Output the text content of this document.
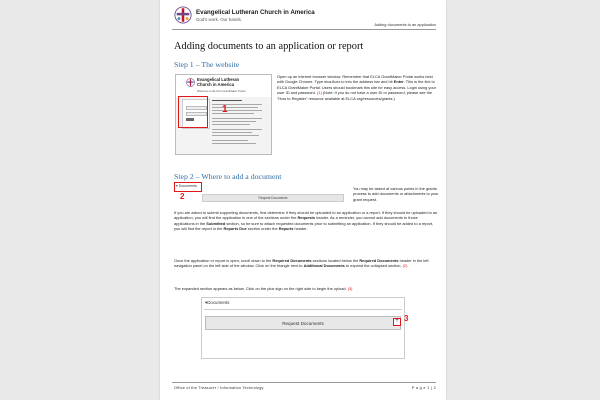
Evangelical Lutheran Church in America
God's work. Our hands.
Adding documents to an application
Adding documents to an application or report
Step 1 – The website
Evangelical Lutheran Church in America
Welcome to ELCA's GrantMaker Portal
1
Open up an internet browser window. Remember that ELCA GrantMaker Portal works best with Google Chrome. Type elca.fluxx.io into the address bar and hit Enter. This is the link to ELCA GrantMaker Portal. Users should bookmark this site for easy access. Login using your user ID and password. (1) (Note: If you do not have a user ID or password, please see the "How to Register" resource available at ELCA.org/resources/grants.)
Step 2 – Where to add a document
▾ Documents
2	Request Documents
You may be asked at various points in the grants process to add documents or attachments to your grant request.
If you are asked to submit supporting documents, first determine if they should be uploaded to an application or a report. If they should be uploaded to an application, you will find the application in one of the sections under the Requests header. As a reminder, you cannot add documents to those applications in the Submitted section, so be sure to attach requested documents prior to submitting an application. If they should be added to a report, you will find the report in the Reports Due section under the Reports header.
Once the application or report is open, scroll down to the Required Documents sections located below the Required Documents header in the left navigation panel on the left side of the window. Click on the triangle next to Additional Documents to expand the collapsed section. (2)
The expanded section appears as below. Click on the plus sign on the right side to begin the upload. (3)
▾Documents
Request Documents	+ 3
Office of the Treasurer / Information Technology	P a g e 1 | 2
